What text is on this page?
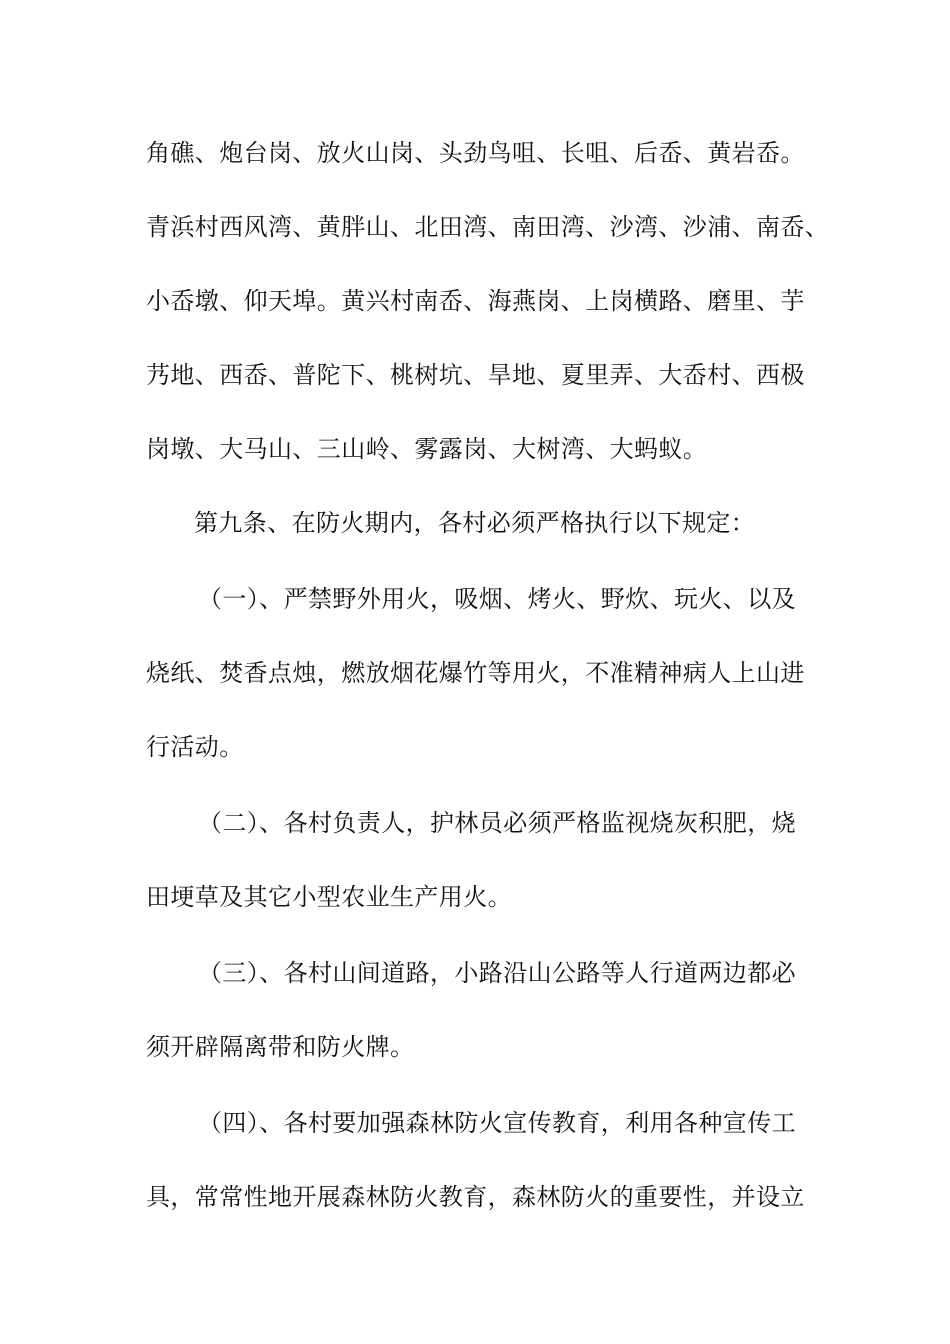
角礁、炮台岗、放火山岗、头劲鸟咀、长咀、后岙、黄岩岙。
青浜村西风湾、黄胖山、北田湾、南田湾、沙湾、沙浦、南岙、
小岙墩、仰天埠。黄兴村南岙、海燕岗、上岗横路、磨里、芋
艿地、西岙、普陀下、桃树坑、旱地、夏里弄、大岙村、西极
岗墩、大马山、三山岭、雾露岗、大树湾、大蚂蚁。
第九条、在防火期内，各村必须严格执行以下规定：
（一）、严禁野外用火，吸烟、烤火、野炊、玩火、以及
烧纸、焚香点烛，燃放烟花爆竹等用火，不准精神病人上山进
行活动。
（二）、各村负责人，护林员必须严格监视烧灰积肥，烧
田埂草及其它小型农业生产用火。
（三）、各村山间道路，小路沿山公路等人行道两边都必
须开辟隔离带和防火牌。
（四）、各村要加强森林防火宣传教育，利用各种宣传工
具，常常性地开展森林防火教育，森林防火的重要性，并设立
